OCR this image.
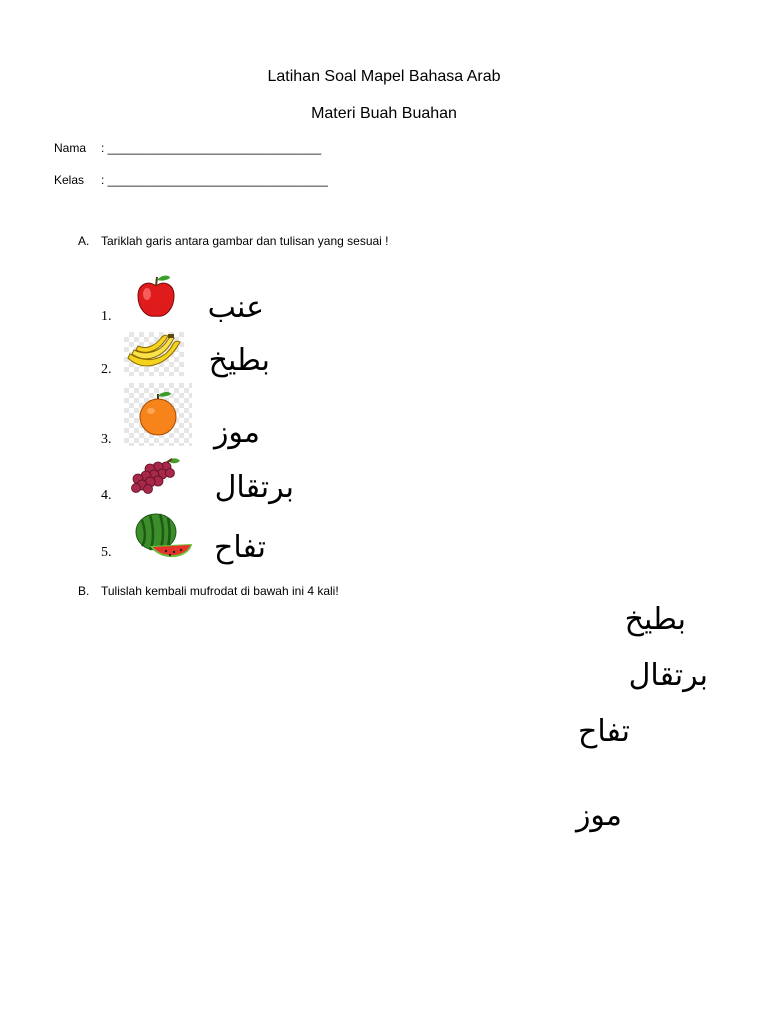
Latihan Soal Mapel Bahasa Arab
Materi Buah Buahan
Nama : ________________________________
Kelas : _________________________________
A. Tariklah garis antara gambar dan tulisan yang sesuai !
1.	عنب
2.	بطيخ
3.	موز
4.	برتقال
5.	تفاح
B. Tulislah kembali mufrodat di bawah ini 4 kali!
بطيخ
برتقال
تفاح
موز
